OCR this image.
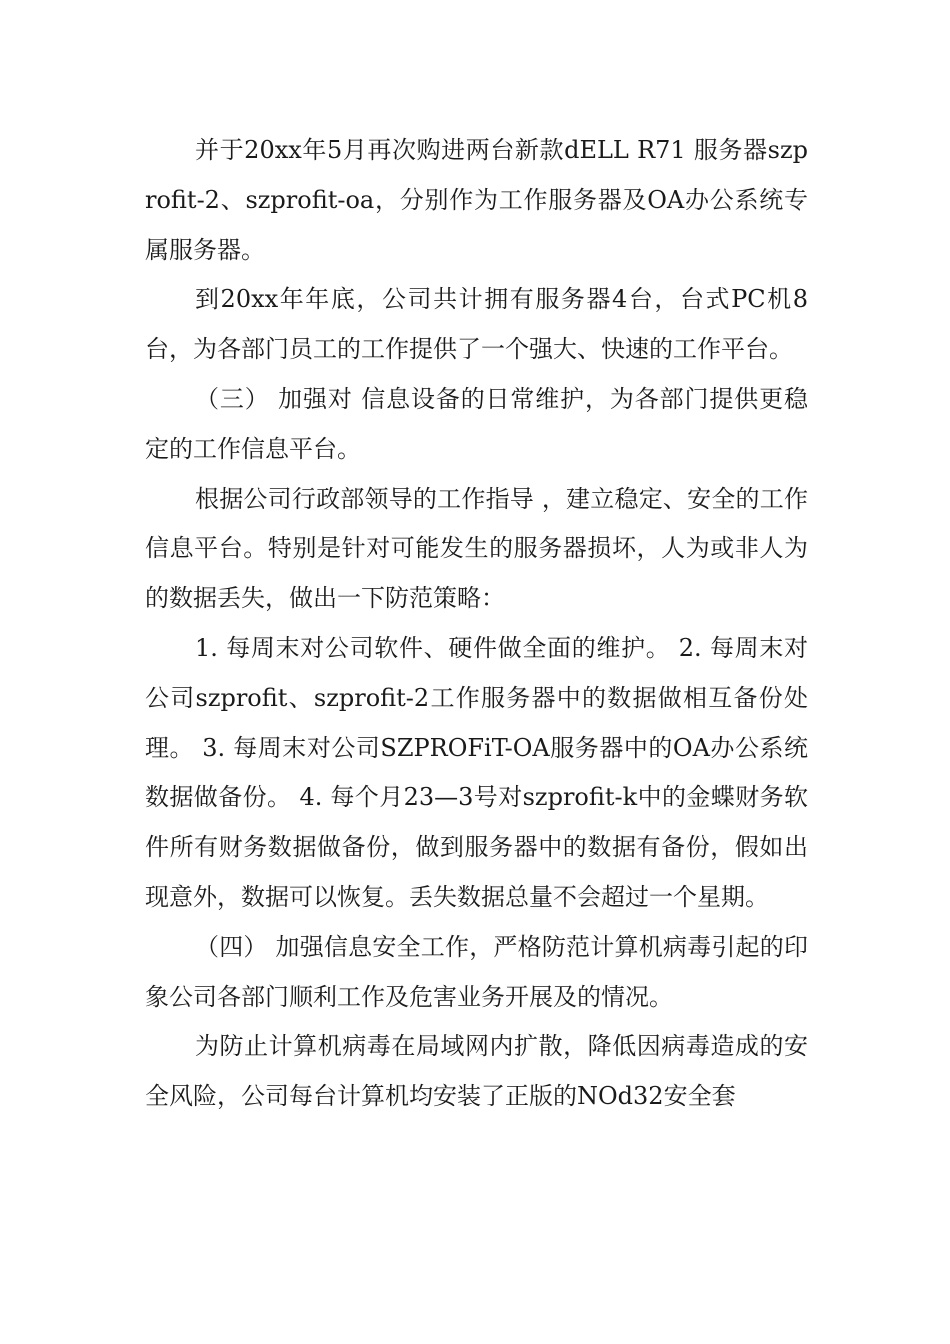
并于20xx年5月再次购进两台新款dELL R71 服务器szprofit-2、szprofit-oa，分别作为工作服务器及OA办公系统专属服务器。

到20xx年年底，公司共计拥有服务器4台，台式PC机8台，为各部门员工的工作提供了一个强大、快速的工作平台。

（三） 加强对 信息设备的日常维护，为各部门提供更稳定的工作信息平台。

根据公司行政部领导的工作指导 ，建立稳定、安全的工作信息平台。特别是针对可能发生的服务器损坏，人为或非人为的数据丢失，做出一下防范策略：

1. 每周末对公司软件、硬件做全面的维护。 2. 每周末对公司szprofit、szprofit-2工作服务器中的数据做相互备份处理。 3. 每周末对公司SZPROFiT-OA服务器中的OA办公系统数据做备份。 4. 每个月23—3号对szprofit-k中的金蝶财务软件所有财务数据做备份，做到服务器中的数据有备份，假如出现意外，数据可以恢复。丢失数据总量不会超过一个星期。

（四） 加强信息安全工作，严格防范计算机病毒引起的印象公司各部门顺利工作及危害业务开展及的情况。

为防止计算机病毒在局域网内扩散，降低因病毒造成的安全风险，公司每台计算机均安装了正版的NOd32安全套
